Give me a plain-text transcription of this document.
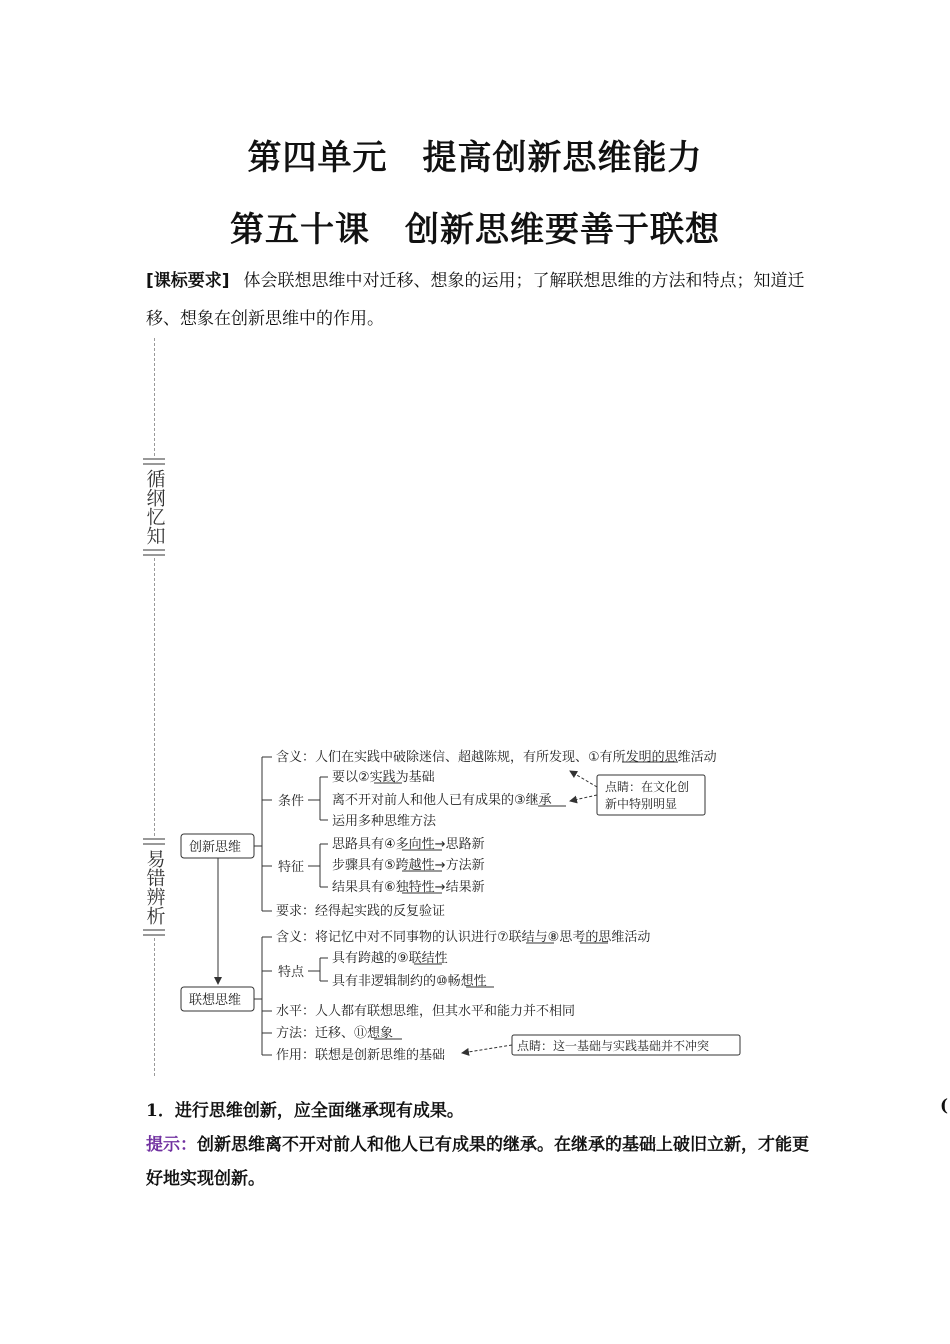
第四单元　提高创新思维能力
第五十课　创新思维要善于联想
[课标要求] 体会联想思维中对迁移、想象的运用；了解联想思维的方法和特点；知道迁移、想象在创新思维中的作用。
循纲忆知
易错辨析
创新思维
联想思维
含义：人们在实践中破除迷信、超越陈规，有所发现、①有所发明的思维活动
条件
要以②实践为基础
离不开对前人和他人已有成果的③继承
运用多种思维方法
点睛：在文化创
新中特别明显
特征
思路具有④多向性→思路新
步骤具有⑤跨越性→方法新
结果具有⑥独特性→结果新
要求：经得起实践的反复验证
含义：将记忆中对不同事物的认识进行⑦联结与⑧思考的思维活动
特点
具有跨越的⑨联结性
具有非逻辑制约的⑩畅想性
水平：人人都有联想思维，但其水平和能力并不相同
方法：迁移、⑪想象
作用：联想是创新思维的基础
点睛：这一基础与实践基础并不冲突
1．进行思维创新，应全面继承现有成果。	(
提示：创新思维离不开对前人和他人已有成果的继承。在继承的基础上破旧立新，才能更好地实现创新。
